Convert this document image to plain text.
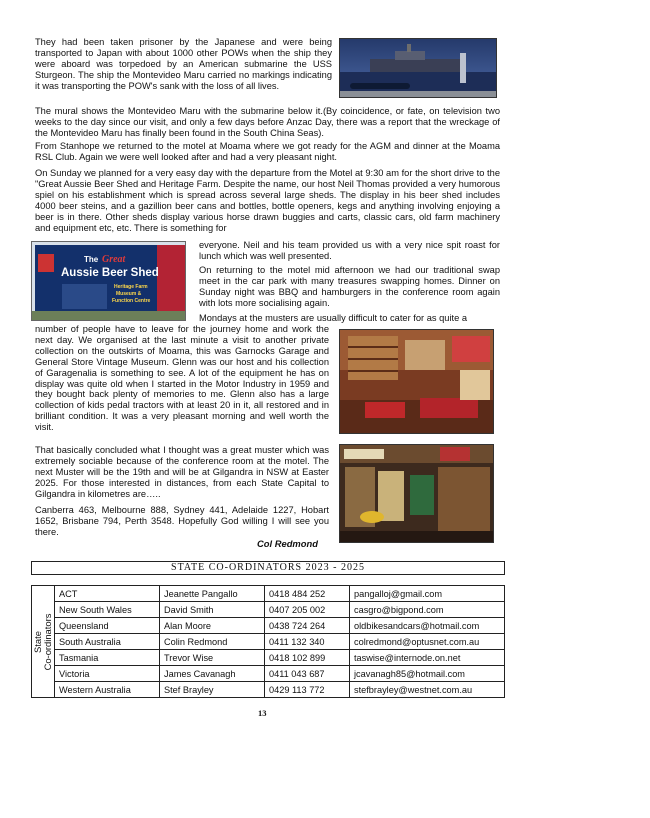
They had been taken prisoner by the Japanese and were being transported to Japan with about 1000 other POWs when the ship they were aboard was torpedoed by an American submarine the USS Sturgeon. The ship the Montevideo Maru carried no markings indicating it was transporting the POW's sank with the loss of all lives.

The mural shows the Montevideo Maru with the submarine below it.(By coincidence, or fate, on television two weeks to the day since our visit, and only a few days before Anzac Day, there was a report that the wreckage of the Montevideo Maru has finally been found in the South China Seas).

From Stanhope we returned to the motel at Moama where we got ready for the AGM and dinner at the Moama RSL Club. Again we were well looked after and had a very pleasant night.

On Sunday we planned for a very easy day with the departure from the Motel at 9:30 am for the short drive to the "Great Aussie Beer Shed and Heritage Farm. Despite the name, our host Neil Thomas provided a very humorous spiel on his establishment which is spread across several large sheds. The display in his beer shed includes 4000 beer steins, and a gazillion beer cans and bottles, bottle openers, kegs and anything involving enjoying a beer is in there. Other sheds display various horse drawn buggies and carts, classic cars, old farm machinery and equipment etc, etc. There is something for

The Great
Aussie Beer Shed
Heritage Farm
Museum &
Function Centre

everyone. Neil and his team provided us with a very nice spit roast for lunch which was well presented.

On returning to the motel mid afternoon we had our traditional swap meet in the car park with many treasures swapping homes. Dinner on Sunday night was BBQ and hamburgers in the conference room again with lots more socialising again.

Mondays at the musters are usually difficult to cater for as quite a

number of people have to leave for the journey home and work the next day. We organised at the last minute a visit to another private collection on the outskirts of Moama, this was Garnocks Garage and General Store Vintage Museum. Glenn was our host and his collection of Garagenalia is something to see. A lot of the equipment he has on display was quite old when I started in the Motor Industry in 1959 and they bought back plenty of memories to me. Glenn also has a large collection of kids pedal tractors with at least 20 in it, all restored and in brilliant condition. It was a very pleasant morning and well worth the visit.

That basically concluded what I thought was a great muster which was extremely sociable because of the conference room at the motel. The next Muster will be the 19th and will be at Gilgandra in NSW at Easter 2025. For those interested in distances, from each State Capital to Gilgandra in kilometres are…..

Canberra 463, Melbourne 888, Sydney 441, Adelaide 1227, Hobart 1652, Brisbane 794, Perth 3548. Hopefully God willing I will see you there.

Col Redmond
STATE CO-ORDINATORS 2023 - 2025
State Co-ordinators	ACT	Jeanette Pangallo	0418 484 252	pangalloj@gmail.com
	New South Wales	David Smith	0407 205 002	casgro@bigpond.com
	Queensland	Alan Moore	0438 724 264	oldbikesandcars@hotmail.com
	South Australia	Colin Redmond	0411 132 340	colredmond@optusnet.com.au
	Tasmania	Trevor Wise	0418 102 899	taswise@internode.on.net
	Victoria	James Cavanagh	0411 043 687	jcavanagh85@hotmail.com
	Western Australia	Stef Brayley	0429 113 772	stefbrayley@westnet.com.au
13
